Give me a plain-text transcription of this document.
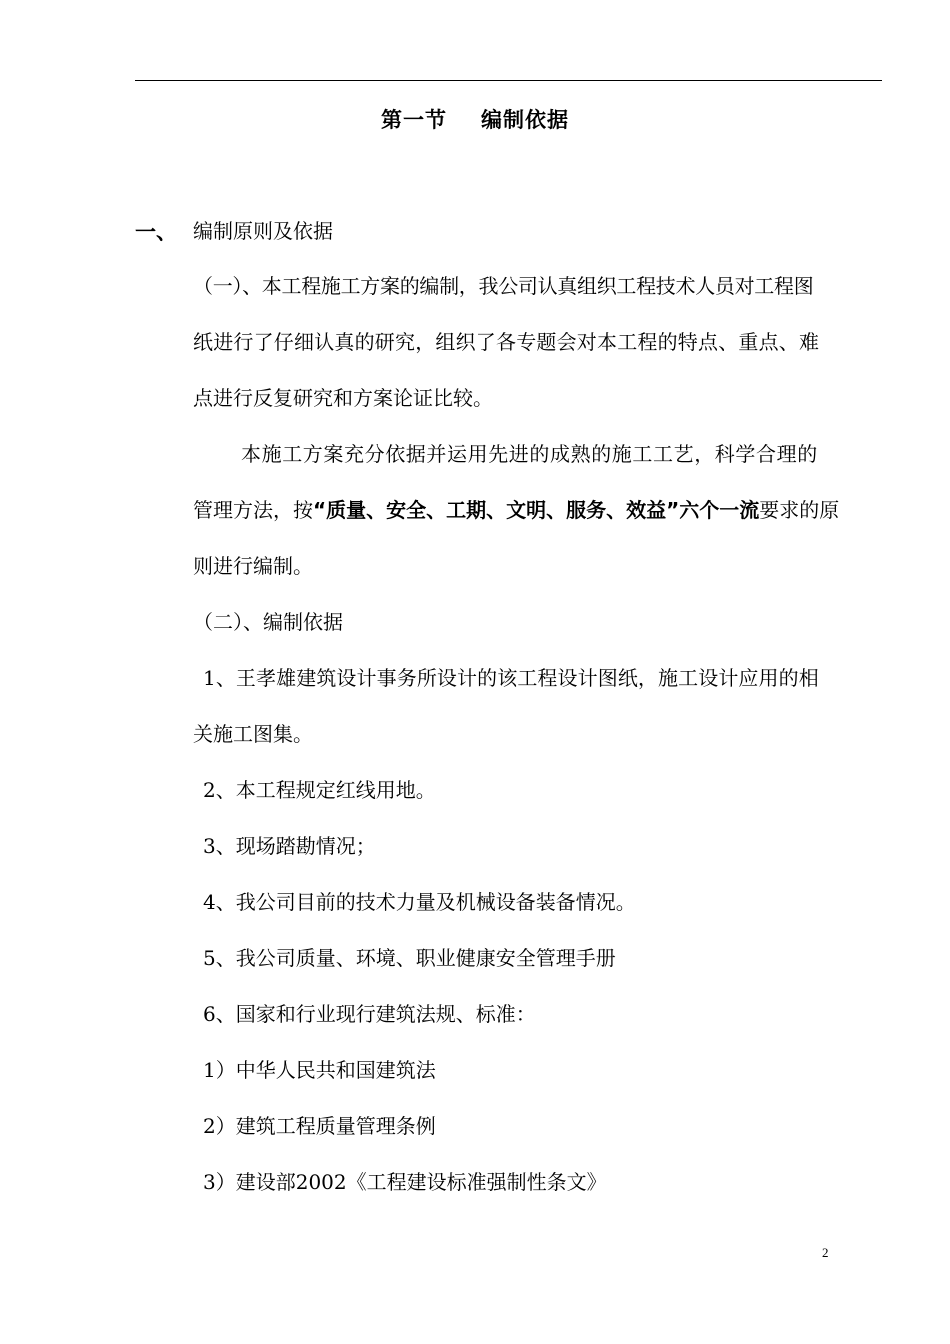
第一节 编制依据
一、 编制原则及依据
（一）、本工程施工方案的编制，我公司认真组织工程技术人员对工程图
纸进行了仔细认真的研究，组织了各专题会对本工程的特点、重点、难
点进行反复研究和方案论证比较。
本施工方案充分依据并运用先进的成熟的施工工艺，科学合理的
管理方法，按“质量、安全、工期、文明、服务、效益”六个一流要求的原
则进行编制。
（二）、编制依据
1、王孝雄建筑设计事务所设计的该工程设计图纸，施工设计应用的相
关施工图集。
2、本工程规定红线用地。
3、现场踏勘情况；
4、我公司目前的技术力量及机械设备装备情况。
5、我公司质量、环境、职业健康安全管理手册
6、国家和行业现行建筑法规、标准：
1）中华人民共和国建筑法
2）建筑工程质量管理条例
3）建设部2002《工程建设标准强制性条文》
2
